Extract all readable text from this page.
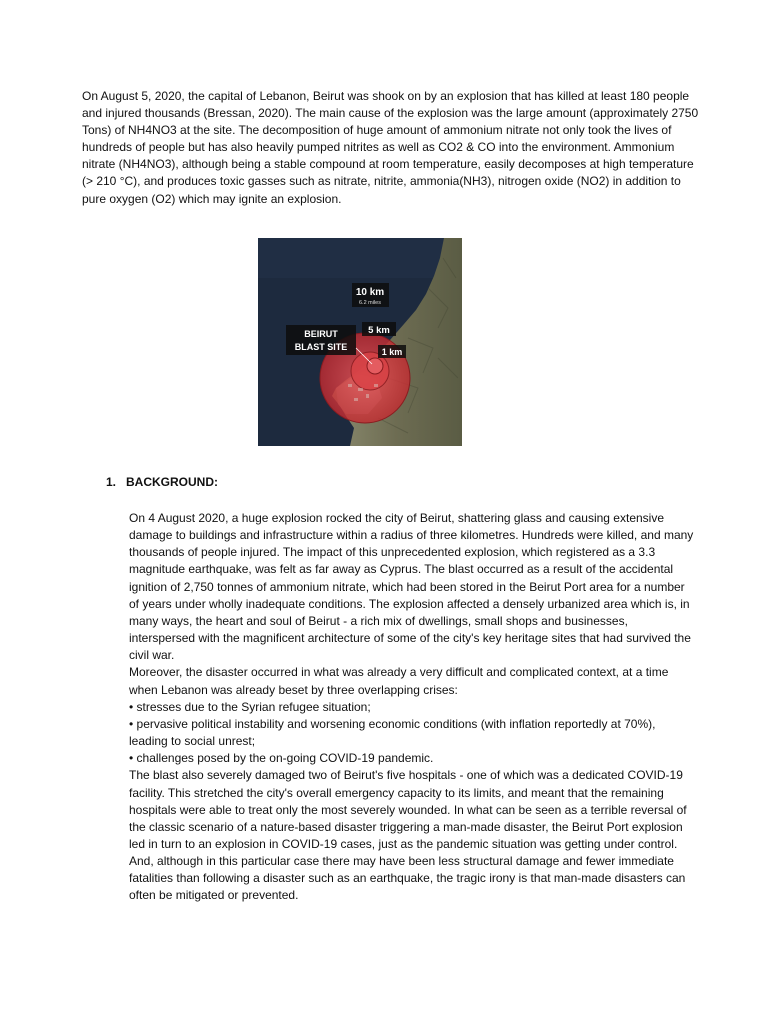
On August 5, 2020, the capital of Lebanon, Beirut was shook on by an explosion that has killed at least 180 people and injured thousands (Bressan, 2020). The main cause of the explosion was the large amount (approximately 2750 Tons) of NH4NO3 at the site. The decomposition of huge amount of ammonium nitrate not only took the lives of hundreds of people but has also heavily pumped nitrites as well as CO2 & CO into the environment. Ammonium nitrate (NH4NO3), although being a stable compound at room temperature, easily decomposes at high temperature (> 210 °C), and produces toxic gasses such as nitrate, nitrite, ammonia(NH3), nitrogen oxide (NO2) in addition to pure oxygen (O2) which may ignite an explosion.

10 km
6.2 miles
5 km
1 km
BEIRUT
BLAST SITE
1. BACKGROUND:

On 4 August 2020, a huge explosion rocked the city of Beirut, shattering glass and causing extensive damage to buildings and infrastructure within a radius of three kilometres. Hundreds were killed, and many thousands of people injured. The impact of this unprecedented explosion, which registered as a 3.3 magnitude earthquake, was felt as far away as Cyprus. The blast occurred as a result of the accidental ignition of 2,750 tonnes of ammonium nitrate, which had been stored in the Beirut Port area for a number of years under wholly inadequate conditions. The explosion affected a densely urbanized area which is, in many ways, the heart and soul of Beirut - a rich mix of dwellings, small shops and businesses, interspersed with the magnificent architecture of some of the city's key heritage sites that had survived the civil war.

Moreover, the disaster occurred in what was already a very difficult and complicated context, at a time when Lebanon was already beset by three overlapping crises:

• stresses due to the Syrian refugee situation;

• pervasive political instability and worsening economic conditions (with inflation reportedly at 70%), leading to social unrest;

• challenges posed by the on-going COVID-19 pandemic.

The blast also severely damaged two of Beirut's five hospitals - one of which was a dedicated COVID-19 facility. This stretched the city's overall emergency capacity to its limits, and meant that the remaining hospitals were able to treat only the most severely wounded. In what can be seen as a terrible reversal of the classic scenario of a nature-based disaster triggering a man-made disaster, the Beirut Port explosion led in turn to an explosion in COVID-19 cases, just as the pandemic situation was getting under control. And, although in this particular case there may have been less structural damage and fewer immediate fatalities than following a disaster such as an earthquake, the tragic irony is that man-made disasters can often be mitigated or prevented.
